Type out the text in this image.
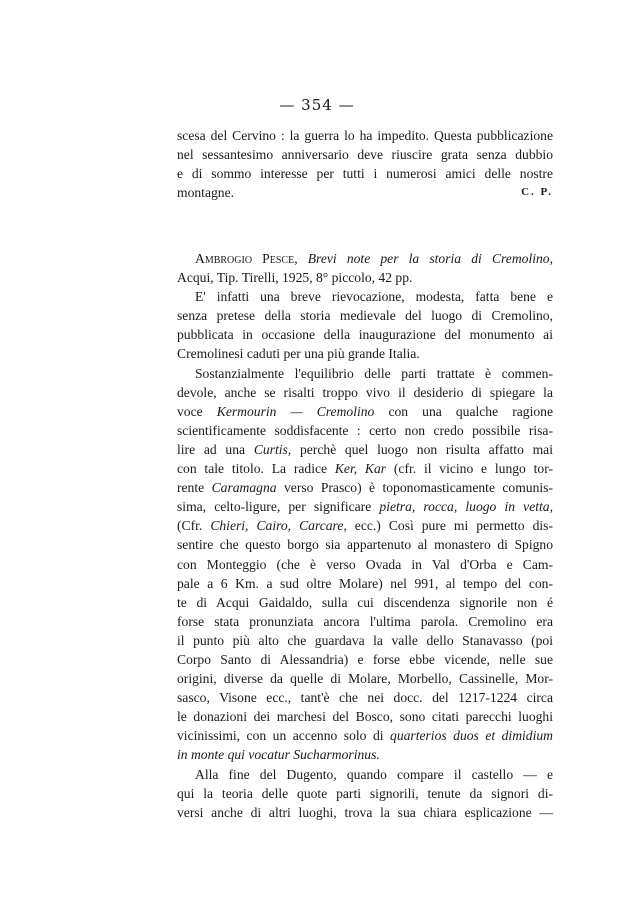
— 354 —
scesa del Cervino : la guerra lo ha impedito. Questa pubblicazione
nel sessantesimo anniversario deve riuscire grata senza dubbio
e di sommo interesse per tutti i numerosi amici delle nostre
montagne.	C. P.
Ambrogio Pesce, Brevi note per la storia di Cremolino,
Acqui, Tip. Tirelli, 1925, 8° piccolo, 42 pp.
E' infatti una breve rievocazione, modesta, fatta bene e
senza pretese della storia medievale del luogo di Cremolino,
pubblicata in occasione della inaugurazione del monumento ai
Cremolinesi caduti per una più grande Italia.
Sostanzialmente l'equilibrio delle parti trattate è commen-
devole, anche se risalti troppo vivo il desiderio di spiegare la
voce Kermourin — Cremolino con una qualche ragione
scientificamente soddisfacente : certo non credo possibile risa-
lire ad una Curtis, perchè quel luogo non risulta affatto mai
con tale titolo. La radice Ker, Kar (cfr. il vicino e lungo tor-
rente Caramagna verso Prasco) è toponomasticamente comunis-
sima, celto-ligure, per significare pietra, rocca, luogo in vetta,
(Cfr. Chieri, Cairo, Carcare, ecc.) Così pure mi permetto dis-
sentire che questo borgo sia appartenuto al monastero di Spigno
con Monteggio (che è verso Ovada in Val d'Orba e Cam-
pale a 6 Km. a sud oltre Molare) nel 991, al tempo del con-
te di Acqui Gaidaldo, sulla cui discendenza signorile non é
forse stata pronunziata ancora l'ultima parola. Cremolino era
il punto più alto che guardava la valle dello Stanavasso (poi
Corpo Santo di Alessandria) e forse ebbe vicende, nelle sue
origini, diverse da quelle di Molare, Morbello, Cassinelle, Mor-
sasco, Visone ecc., tant'è che nei docc. del 1217-1224 circa
le donazioni dei marchesi del Bosco, sono citati parecchi luoghi
vicinissimi, con un accenno solo di quarterios duos et dimidium
in monte qui vocatur Sucharmorinus.
Alla fine del Dugento, quando compare il castello — e
qui la teoria delle quote parti signorili, tenute da signori di-
versi anche di altri luoghi, trova la sua chiara esplicazione —
